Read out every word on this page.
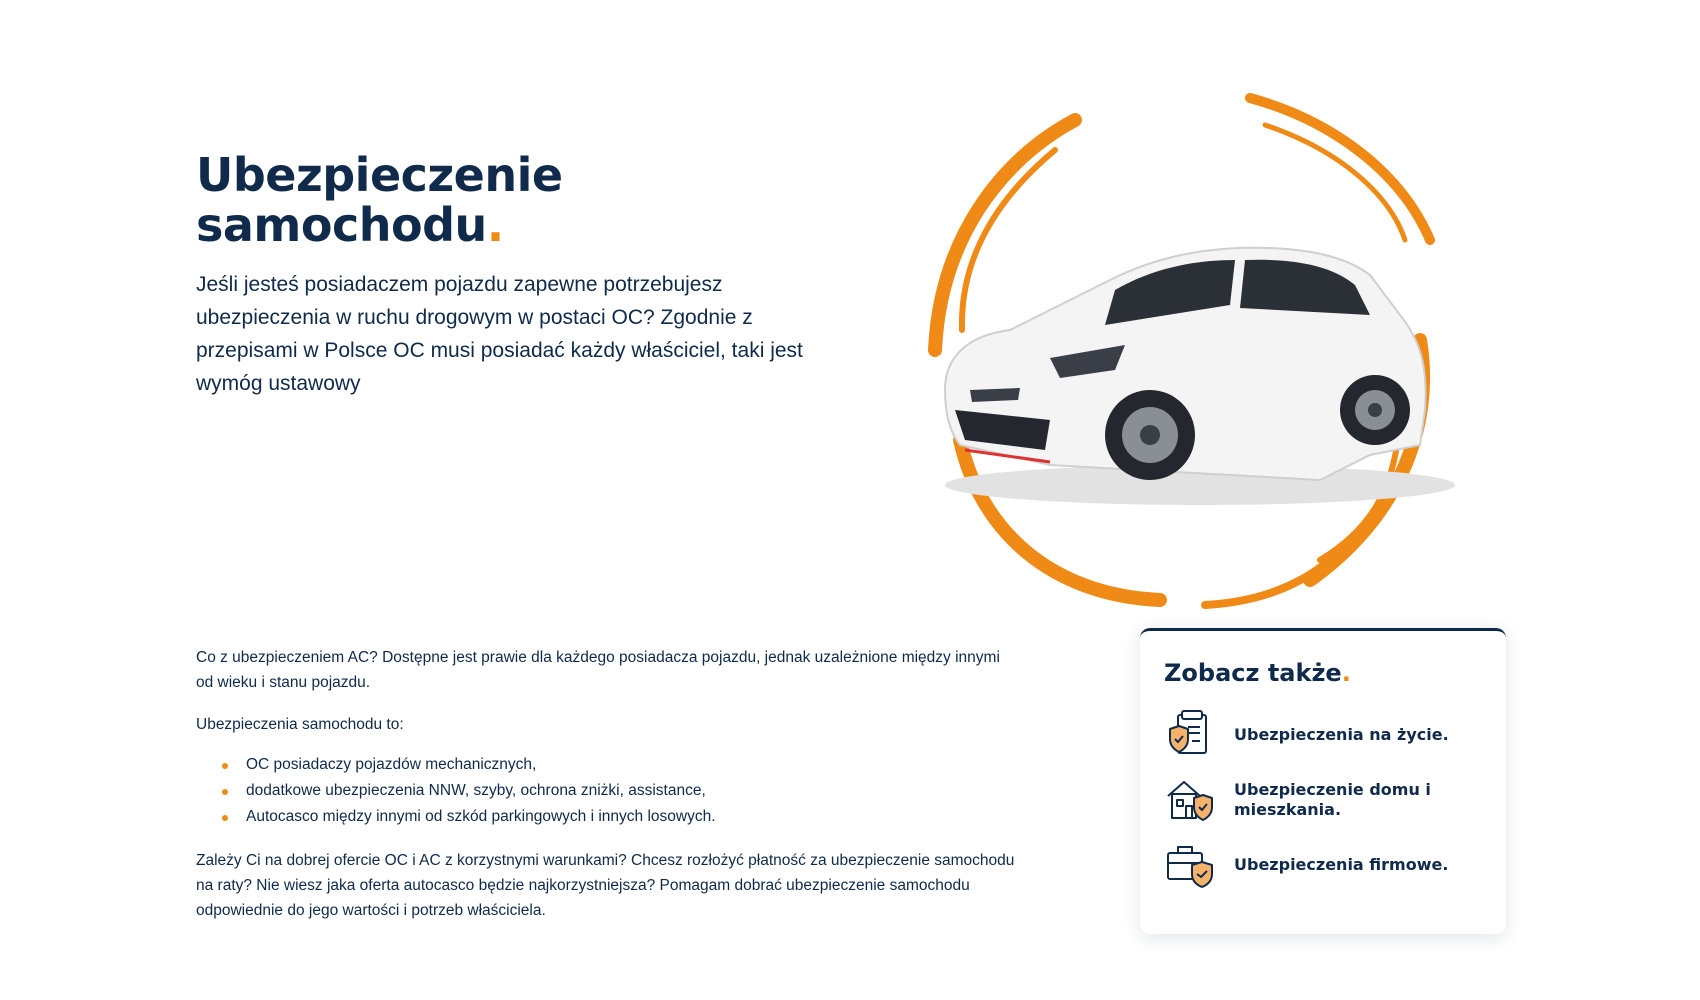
Ubezpieczenie
samochodu.

Jeśli jesteś posiadaczem pojazdu zapewne potrzebujesz ubezpieczenia w ruchu drogowym w postaci OC? Zgodnie z przepisami w Polsce OC musi posiadać każdy właściciel, taki jest wymóg ustawowy

Co z ubezpieczeniem AC? Dostępne jest prawie dla każdego posiadacza pojazdu, jednak uzależnione między innymi od wieku i stanu pojazdu.

Ubezpieczenia samochodu to:

OC posiadaczy pojazdów mechanicznych,
dodatkowe ubezpieczenia NNW, szyby, ochrona zniżki, assistance,
Autocasco między innymi od szkód parkingowych i innych losowych.

Zależy Ci na dobrej ofercie OC i AC z korzystnymi warunkami? Chcesz rozłożyć płatność za ubezpieczenie samochodu na raty? Nie wiesz jaka oferta autocasco będzie najkorzystniejsza? Pomagam dobrać ubezpieczenie samochodu odpowiednie do jego wartości i potrzeb właściciela.

Zobacz także.
Ubezpieczenia na życie.
Ubezpieczenie domu i mieszkania.
Ubezpieczenia firmowe.
